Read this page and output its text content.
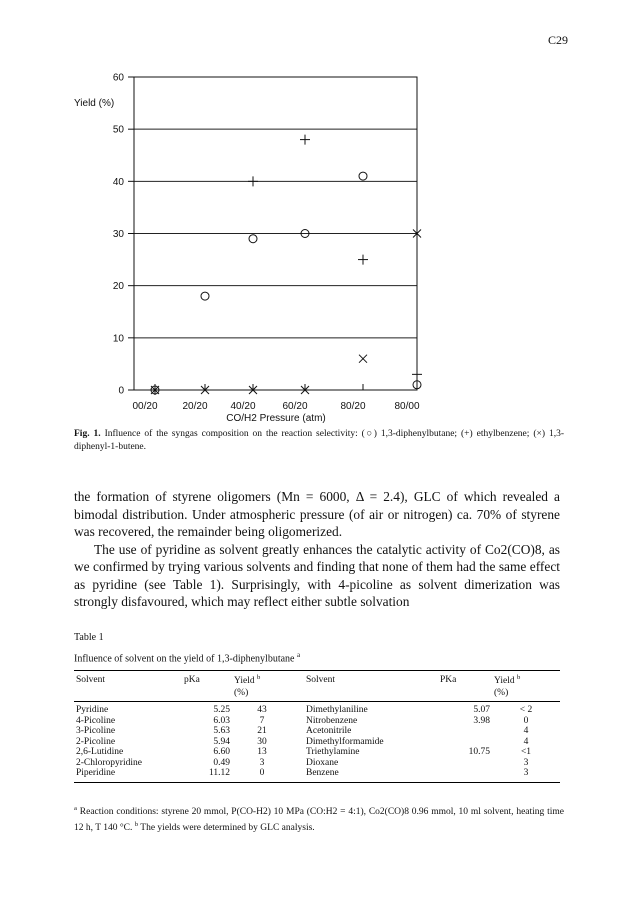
C29
0
10
20
30
40
50
60
00/20 20/20 40/20	60/20	80/20	80/00
Yield (%)
CO/H2 Pressure (atm)
Fig. 1. Influence of the syngas composition on the reaction selectivity: (○) 1,3-diphenylbutane; (+) ethylbenzene; (×) 1,3-diphenyl-1-butene.

the formation of styrene oligomers (Mn = 6000, Δ = 2.4), GLC of which revealed a bimodal distribution. Under atmospheric pressure (of air or nitrogen) ca. 70% of styrene was recovered, the remainder being oligomerized.

The use of pyridine as solvent greatly enhances the catalytic activity of Co2(CO)8, as we confirmed by trying various solvents and finding that none of them had the same effect as pyridine (see Table 1). Surprisingly, with 4-picoline as solvent dimerization was strongly disfavoured, which may reflect either subtle solvation

Table 1
Influence of solvent on the yield of 1,3-diphenylbutane $^a$
Solvent	pKa	Yield $^b$	Solvent	PKa	Yield $^b$
		(%)			(%)
Pyridine	5.25	43	Dimethylaniline	5.07	< 2
4-Picoline	6.03	7	Nitrobenzene	3.98	0
3-Picoline	5.63	21	Acetonitrile		4
2-Picoline	5.94	30	Dimethylformamide		4
2,6-Lutidine	6.60	13	Triethylamine	10.75	<1
2-Chloropyridine	0.49	3	Dioxane		3
Piperidine	11.12	0	Benzene		3
$^a$ Reaction conditions: styrene 20 mmol, P(CO-H2) 10 MPa (CO:H2 = 4:1), Co2(CO)8 0.96 mmol, 10 ml solvent, heating time 12 h, T 140 °C. $^b$ The yields were determined by GLC analysis.
